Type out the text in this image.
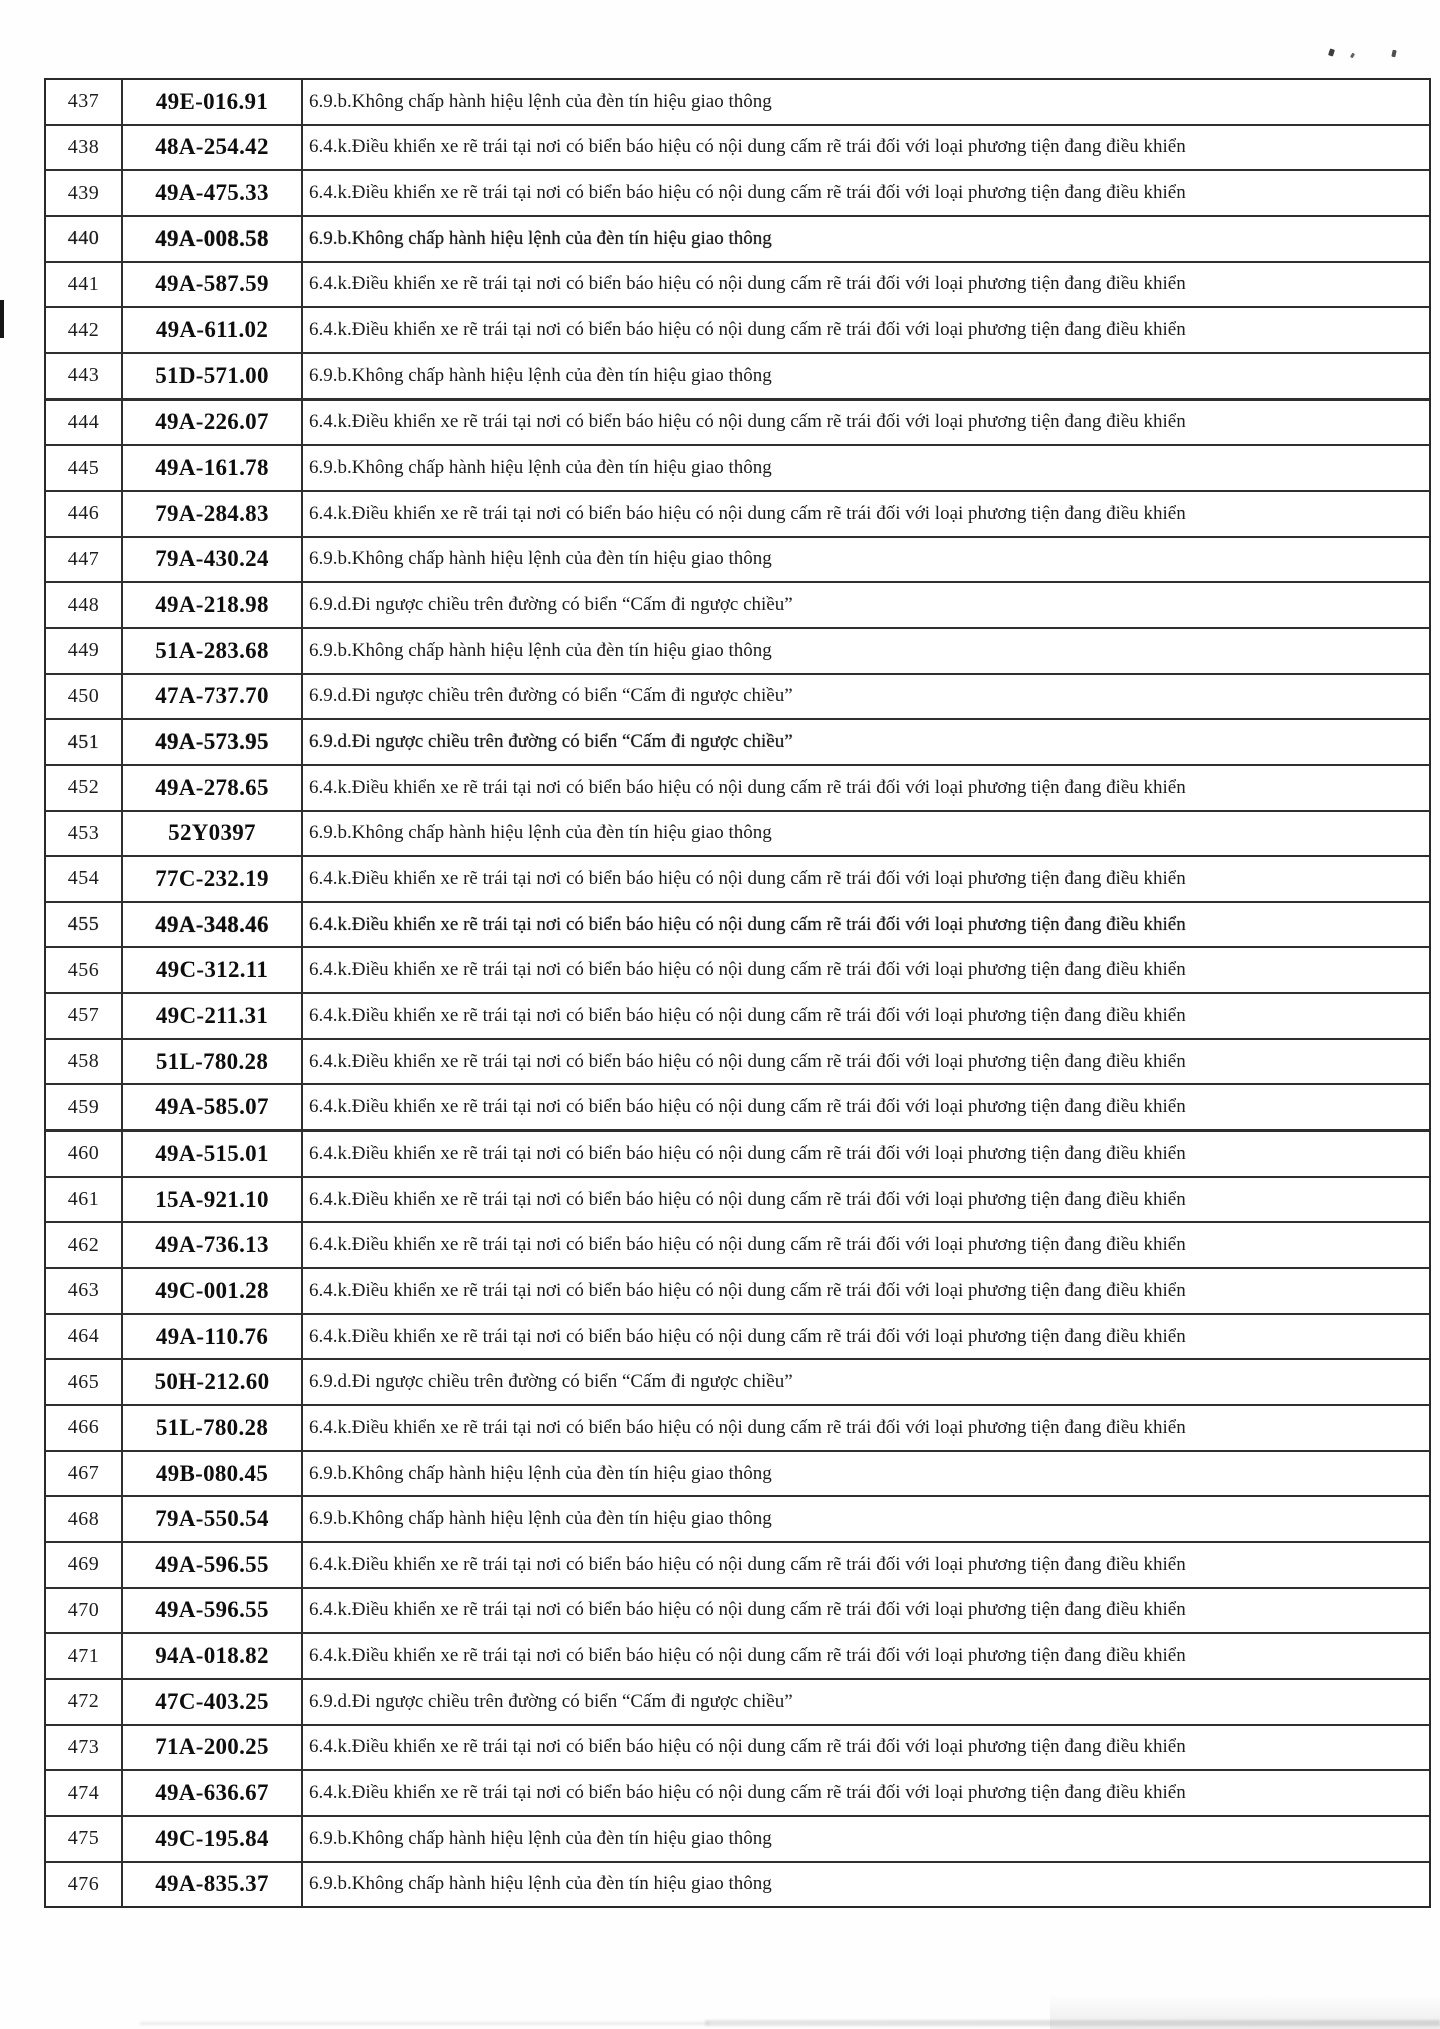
437	49E-016.91	6.9.b.Không chấp hành hiệu lệnh của đèn tín hiệu giao thông
438	48A-254.42	6.4.k.Điều khiển xe rẽ trái tại nơi có biển báo hiệu có nội dung cấm rẽ trái đối với loại phương tiện đang điều khiển
439	49A-475.33	6.4.k.Điều khiển xe rẽ trái tại nơi có biển báo hiệu có nội dung cấm rẽ trái đối với loại phương tiện đang điều khiển
440	49A-008.58	6.9.b.Không chấp hành hiệu lệnh của đèn tín hiệu giao thông
441	49A-587.59	6.4.k.Điều khiển xe rẽ trái tại nơi có biển báo hiệu có nội dung cấm rẽ trái đối với loại phương tiện đang điều khiển
442	49A-611.02	6.4.k.Điều khiển xe rẽ trái tại nơi có biển báo hiệu có nội dung cấm rẽ trái đối với loại phương tiện đang điều khiển
443	51D-571.00	6.9.b.Không chấp hành hiệu lệnh của đèn tín hiệu giao thông
444	49A-226.07	6.4.k.Điều khiển xe rẽ trái tại nơi có biển báo hiệu có nội dung cấm rẽ trái đối với loại phương tiện đang điều khiển
445	49A-161.78	6.9.b.Không chấp hành hiệu lệnh của đèn tín hiệu giao thông
446	79A-284.83	6.4.k.Điều khiển xe rẽ trái tại nơi có biển báo hiệu có nội dung cấm rẽ trái đối với loại phương tiện đang điều khiển
447	79A-430.24	6.9.b.Không chấp hành hiệu lệnh của đèn tín hiệu giao thông
448	49A-218.98	6.9.d.Đi ngược chiều trên đường có biển “Cấm đi ngược chiều”
449	51A-283.68	6.9.b.Không chấp hành hiệu lệnh của đèn tín hiệu giao thông
450	47A-737.70	6.9.d.Đi ngược chiều trên đường có biển “Cấm đi ngược chiều”
451	49A-573.95	6.9.d.Đi ngược chiều trên đường có biển “Cấm đi ngược chiều”
452	49A-278.65	6.4.k.Điều khiển xe rẽ trái tại nơi có biển báo hiệu có nội dung cấm rẽ trái đối với loại phương tiện đang điều khiển
453	52Y0397	6.9.b.Không chấp hành hiệu lệnh của đèn tín hiệu giao thông
454	77C-232.19	6.4.k.Điều khiển xe rẽ trái tại nơi có biển báo hiệu có nội dung cấm rẽ trái đối với loại phương tiện đang điều khiển
455	49A-348.46	6.4.k.Điều khiển xe rẽ trái tại nơi có biển báo hiệu có nội dung cấm rẽ trái đối với loại phương tiện đang điều khiển
456	49C-312.11	6.4.k.Điều khiển xe rẽ trái tại nơi có biển báo hiệu có nội dung cấm rẽ trái đối với loại phương tiện đang điều khiển
457	49C-211.31	6.4.k.Điều khiển xe rẽ trái tại nơi có biển báo hiệu có nội dung cấm rẽ trái đối với loại phương tiện đang điều khiển
458	51L-780.28	6.4.k.Điều khiển xe rẽ trái tại nơi có biển báo hiệu có nội dung cấm rẽ trái đối với loại phương tiện đang điều khiển
459	49A-585.07	6.4.k.Điều khiển xe rẽ trái tại nơi có biển báo hiệu có nội dung cấm rẽ trái đối với loại phương tiện đang điều khiển
460	49A-515.01	6.4.k.Điều khiển xe rẽ trái tại nơi có biển báo hiệu có nội dung cấm rẽ trái đối với loại phương tiện đang điều khiển
461	15A-921.10	6.4.k.Điều khiển xe rẽ trái tại nơi có biển báo hiệu có nội dung cấm rẽ trái đối với loại phương tiện đang điều khiển
462	49A-736.13	6.4.k.Điều khiển xe rẽ trái tại nơi có biển báo hiệu có nội dung cấm rẽ trái đối với loại phương tiện đang điều khiển
463	49C-001.28	6.4.k.Điều khiển xe rẽ trái tại nơi có biển báo hiệu có nội dung cấm rẽ trái đối với loại phương tiện đang điều khiển
464	49A-110.76	6.4.k.Điều khiển xe rẽ trái tại nơi có biển báo hiệu có nội dung cấm rẽ trái đối với loại phương tiện đang điều khiển
465	50H-212.60	6.9.d.Đi ngược chiều trên đường có biển “Cấm đi ngược chiều”
466	51L-780.28	6.4.k.Điều khiển xe rẽ trái tại nơi có biển báo hiệu có nội dung cấm rẽ trái đối với loại phương tiện đang điều khiển
467	49B-080.45	6.9.b.Không chấp hành hiệu lệnh của đèn tín hiệu giao thông
468	79A-550.54	6.9.b.Không chấp hành hiệu lệnh của đèn tín hiệu giao thông
469	49A-596.55	6.4.k.Điều khiển xe rẽ trái tại nơi có biển báo hiệu có nội dung cấm rẽ trái đối với loại phương tiện đang điều khiển
470	49A-596.55	6.4.k.Điều khiển xe rẽ trái tại nơi có biển báo hiệu có nội dung cấm rẽ trái đối với loại phương tiện đang điều khiển
471	94A-018.82	6.4.k.Điều khiển xe rẽ trái tại nơi có biển báo hiệu có nội dung cấm rẽ trái đối với loại phương tiện đang điều khiển
472	47C-403.25	6.9.d.Đi ngược chiều trên đường có biển “Cấm đi ngược chiều”
473	71A-200.25	6.4.k.Điều khiển xe rẽ trái tại nơi có biển báo hiệu có nội dung cấm rẽ trái đối với loại phương tiện đang điều khiển
474	49A-636.67	6.4.k.Điều khiển xe rẽ trái tại nơi có biển báo hiệu có nội dung cấm rẽ trái đối với loại phương tiện đang điều khiển
475	49C-195.84	6.9.b.Không chấp hành hiệu lệnh của đèn tín hiệu giao thông
476	49A-835.37	6.9.b.Không chấp hành hiệu lệnh của đèn tín hiệu giao thông
